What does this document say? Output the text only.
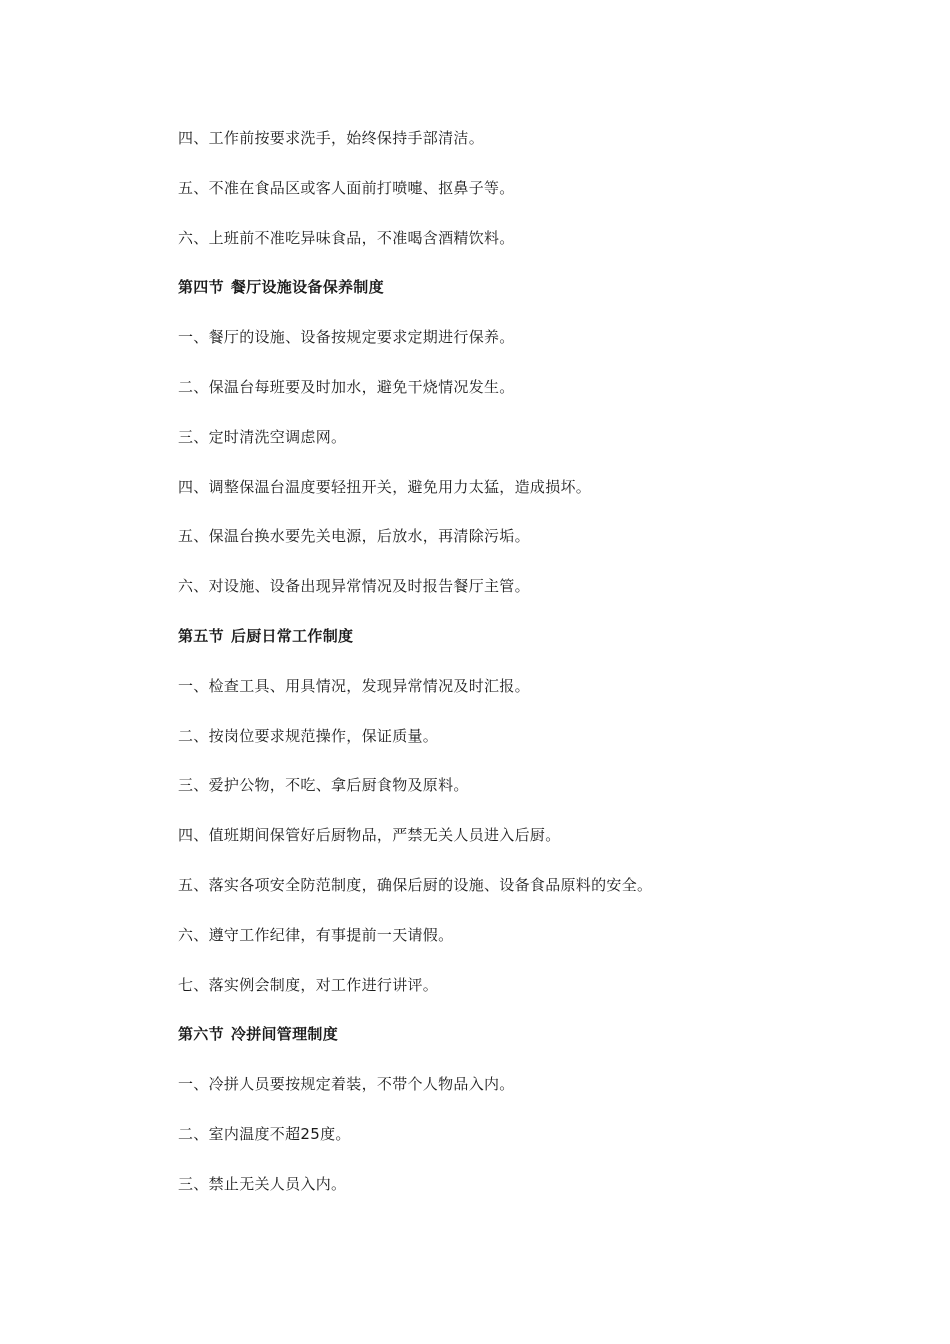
四、工作前按要求洗手，始终保持手部清洁。
五、不准在食品区或客人面前打喷嚏、抠鼻子等。
六、上班前不准吃异味食品，不准喝含酒精饮料。
第四节 餐厅设施设备保养制度
一、餐厅的设施、设备按规定要求定期进行保养。
二、保温台每班要及时加水，避免干烧情况发生。
三、定时清洗空调虑网。
四、调整保温台温度要轻扭开关，避免用力太猛，造成损坏。
五、保温台换水要先关电源，后放水，再清除污垢。
六、对设施、设备出现异常情况及时报告餐厅主管。
第五节 后厨日常工作制度
一、检查工具、用具情况，发现异常情况及时汇报。
二、按岗位要求规范操作，保证质量。
三、爱护公物，不吃、拿后厨食物及原料。
四、值班期间保管好后厨物品，严禁无关人员进入后厨。
五、落实各项安全防范制度，确保后厨的设施、设备食品原料的安全。
六、遵守工作纪律，有事提前一天请假。
七、落实例会制度，对工作进行讲评。
第六节 冷拼间管理制度
一、冷拼人员要按规定着装，不带个人物品入内。
二、室内温度不超25度。
三、禁止无关人员入内。
